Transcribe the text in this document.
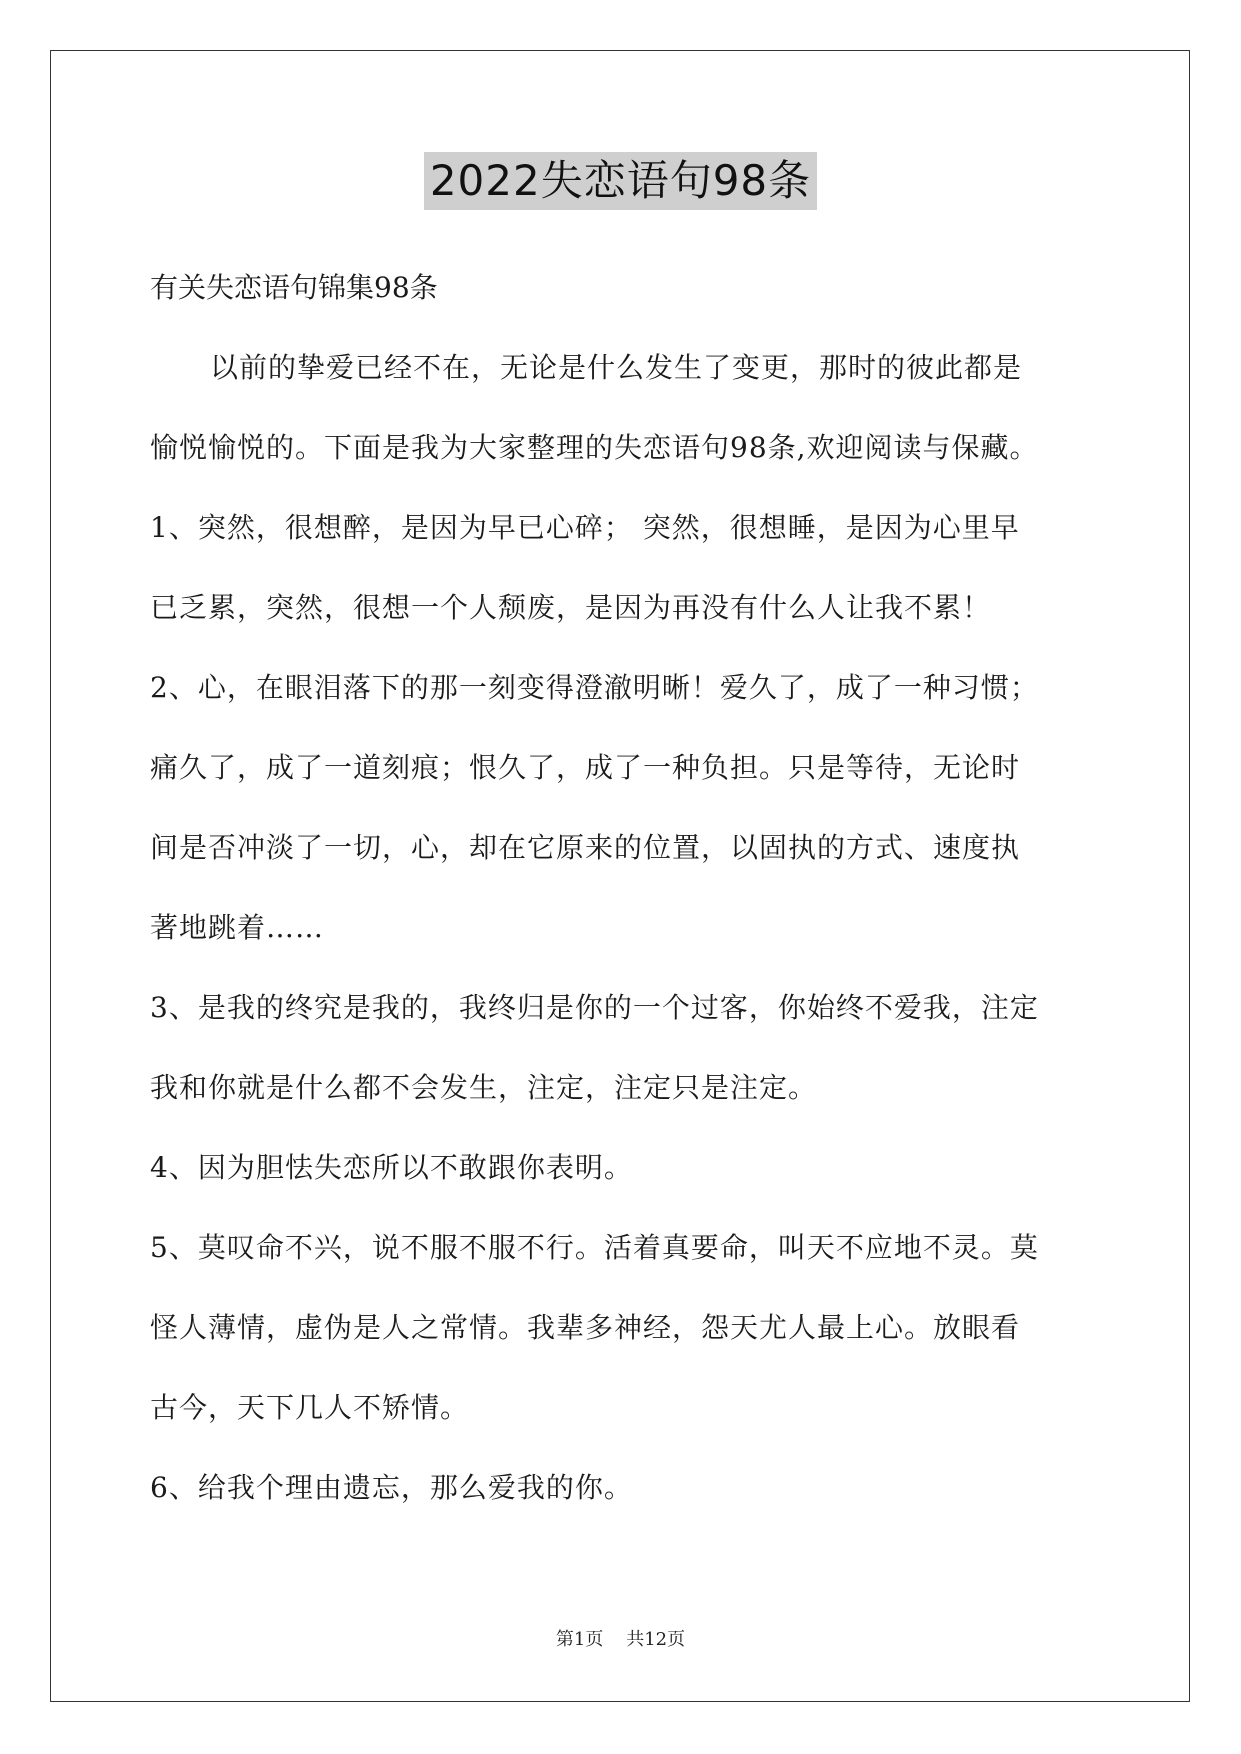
2022失恋语句98条
有关失恋语句锦集98条
以前的挚爱已经不在，无论是什么发生了变更，那时的彼此都是
愉悦愉悦的。下面是我为大家整理的失恋语句98条,欢迎阅读与保藏。
1、突然，很想醉，是因为早已心碎； 突然，很想睡，是因为心里早
已乏累，突然，很想一个人颓废，是因为再没有什么人让我不累！
2、心，在眼泪落下的那一刻变得澄澈明晰！爱久了，成了一种习惯；
痛久了，成了一道刻痕；恨久了，成了一种负担。只是等待，无论时
间是否冲淡了一切，心，却在它原来的位置，以固执的方式、速度执
著地跳着……
3、是我的终究是我的，我终归是你的一个过客，你始终不爱我，注定
我和你就是什么都不会发生，注定，注定只是注定。
4、因为胆怯失恋所以不敢跟你表明。
5、莫叹命不兴，说不服不服不行。活着真要命，叫天不应地不灵。莫
怪人薄情，虚伪是人之常情。我辈多神经，怨天尤人最上心。放眼看
古今，天下几人不矫情。
6、给我个理由遗忘，那么爱我的你。
第1页    共12页
